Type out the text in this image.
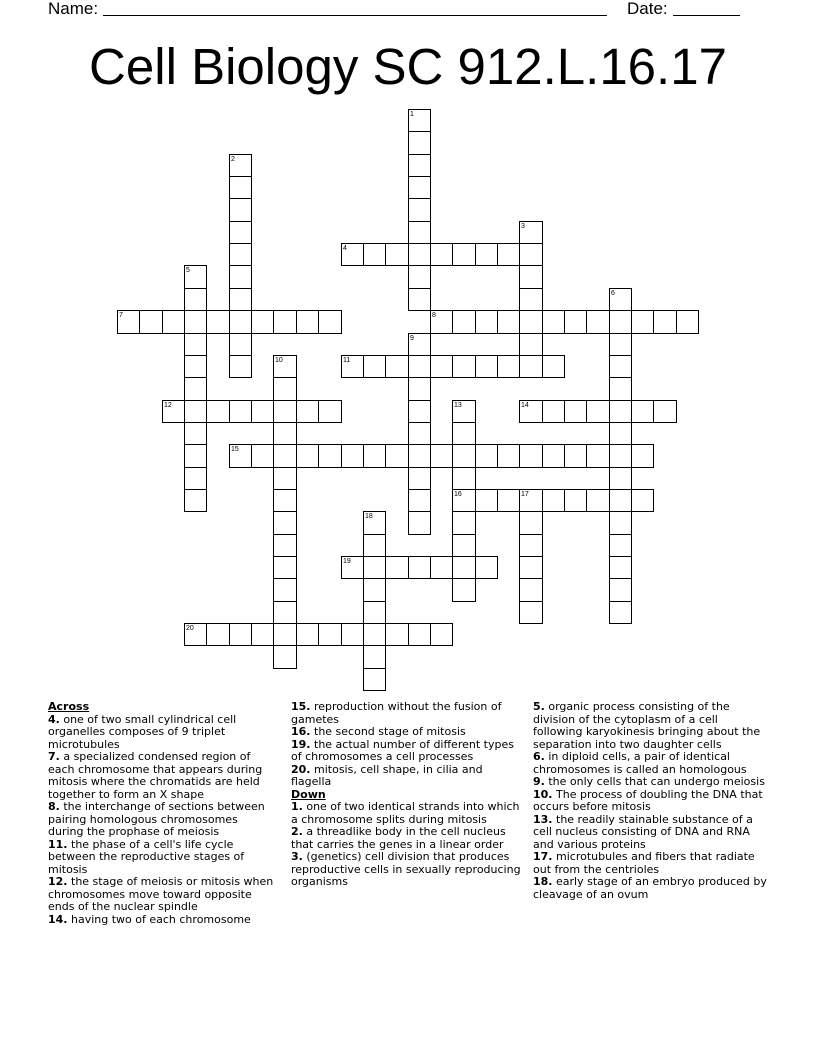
Name:	Date:
Cell Biology SC 912.L.16.17
1
2
3
4
5
6
7	8
9
10	11
12	13	14
15
16	17
18
19
20
Across
4. one of two small cylindrical cell organelles composes of 9 triplet microtubules
7. a specialized condensed region of each chromosome that appears during mitosis where the chromatids are held together to form an X shape
8. the interchange of sections between pairing homologous chromosomes during the prophase of meiosis
11. the phase of a cell's life cycle between the reproductive stages of mitosis
12. the stage of meiosis or mitosis when chromosomes move toward opposite ends of the nuclear spindle
14. having two of each chromosome
15. reproduction without the fusion of gametes
16. the second stage of mitosis
19. the actual number of different types of chromosomes a cell processes
20. mitosis, cell shape, in cilia and flagella
Down
1. one of two identical strands into which a chromosome splits during mitosis
2. a threadlike body in the cell nucleus that carries the genes in a linear order
3. (genetics) cell division that produces reproductive cells in sexually reproducing organisms
5. organic process consisting of the division of the cytoplasm of a cell following karyokinesis bringing about the separation into two daughter cells
6. in diploid cells, a pair of identical chromosomes is called an homologous
9. the only cells that can undergo meiosis
10. The process of doubling the DNA that occurs before mitosis
13. the readily stainable substance of a cell nucleus consisting of DNA and RNA and various proteins
17. microtubules and fibers that radiate out from the centrioles
18. early stage of an embryo produced by cleavage of an ovum
